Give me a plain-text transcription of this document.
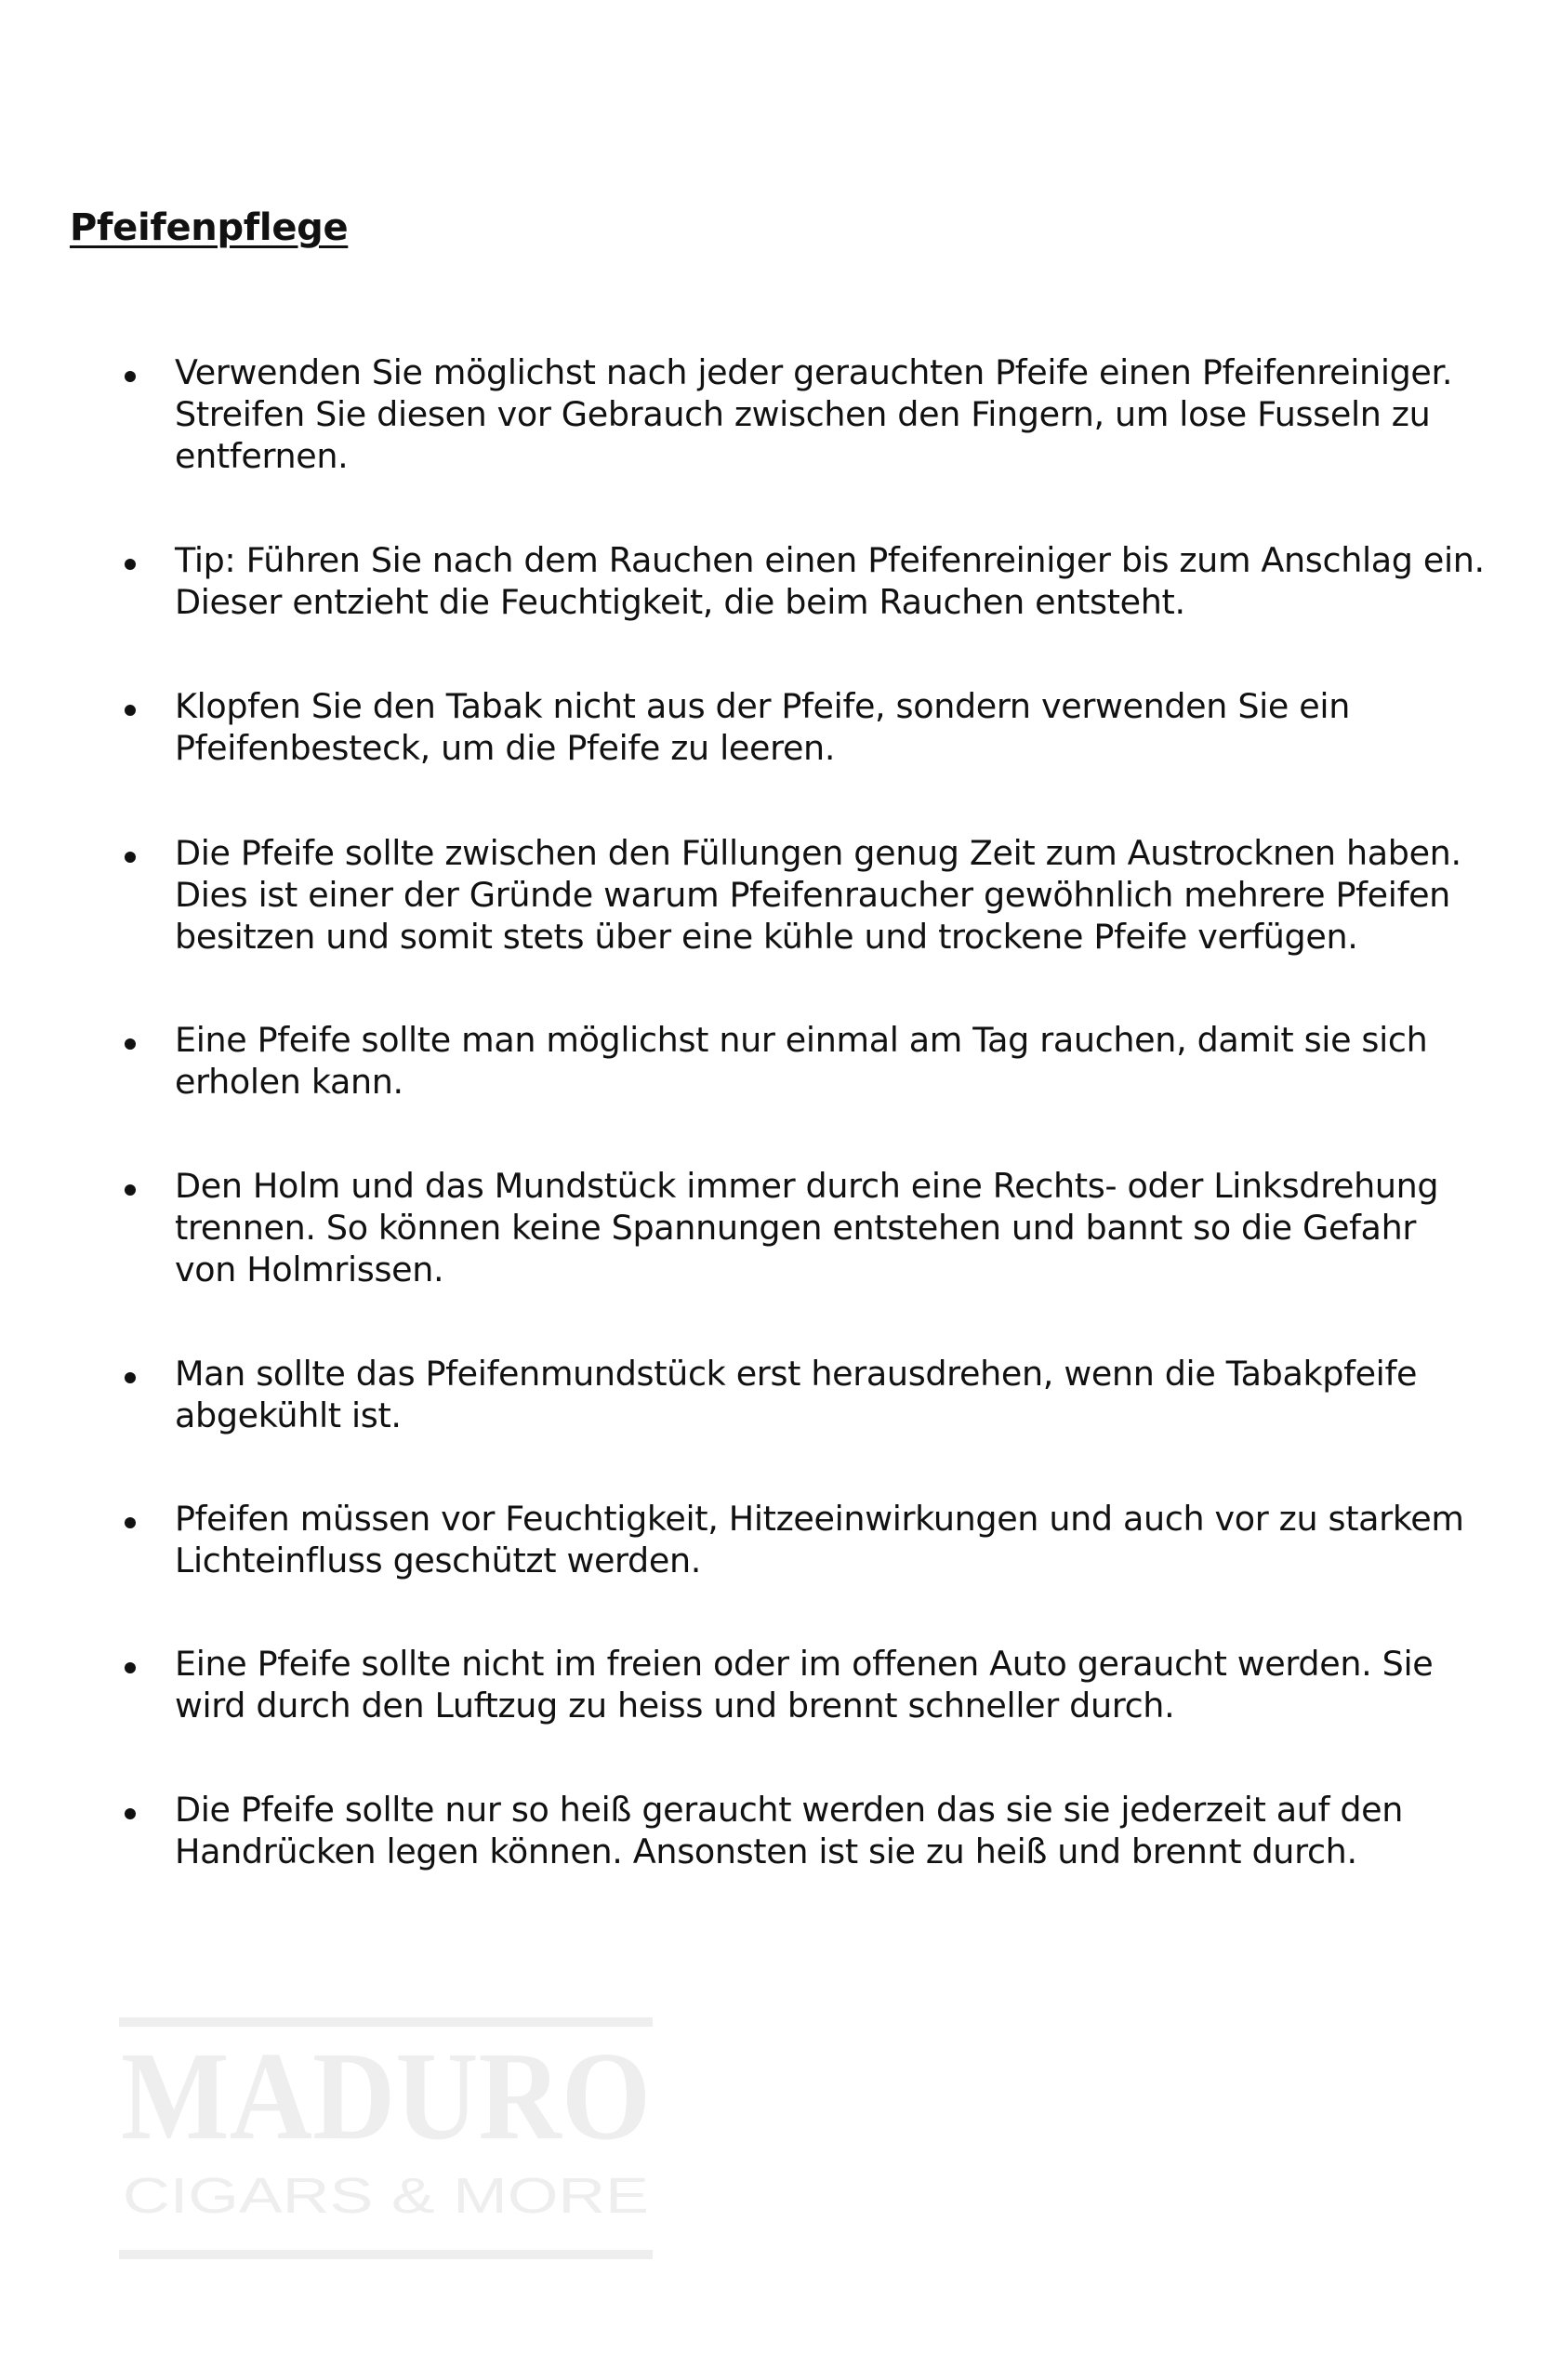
Pfeifenpflege

Verwenden Sie möglichst nach jeder gerauchten Pfeife einen Pfeifenreiniger. Streifen Sie diesen vor Gebrauch zwischen den Fingern, um lose Fusseln zu entfernen.

Tip: Führen Sie nach dem Rauchen einen Pfeifenreiniger bis zum Anschlag ein. Dieser entzieht die Feuchtigkeit, die beim Rauchen entsteht.

Klopfen Sie den Tabak nicht aus der Pfeife, sondern verwenden Sie ein Pfeifenbesteck, um die Pfeife zu leeren.

Die Pfeife sollte zwischen den Füllungen genug Zeit zum Austrocknen haben. Dies ist einer der Gründe warum Pfeifenraucher gewöhnlich mehrere Pfeifen besitzen und somit stets über eine kühle und trockene Pfeife verfügen.

Eine Pfeife sollte man möglichst nur einmal am Tag rauchen, damit sie sich erholen kann.

Den Holm und das Mundstück immer durch eine Rechts- oder Linksdrehung trennen. So können keine Spannungen entstehen und bannt so die Gefahr von Holmrissen.

Man sollte das Pfeifenmundstück erst herausdrehen, wenn die Tabakpfeife abgekühlt ist.

Pfeifen müssen vor Feuchtigkeit, Hitzeeinwirkungen und auch vor zu starkem Lichteinfluss geschützt werden.

Eine Pfeife sollte nicht im freien oder im offenen Auto geraucht werden. Sie wird durch den Luftzug zu heiss und brennt schneller durch.

Die Pfeife sollte nur so heiß geraucht werden das sie sie jederzeit auf den Handrücken legen können. Ansonsten ist sie zu heiß und brennt durch.

MADURO
CIGARS & MORE
